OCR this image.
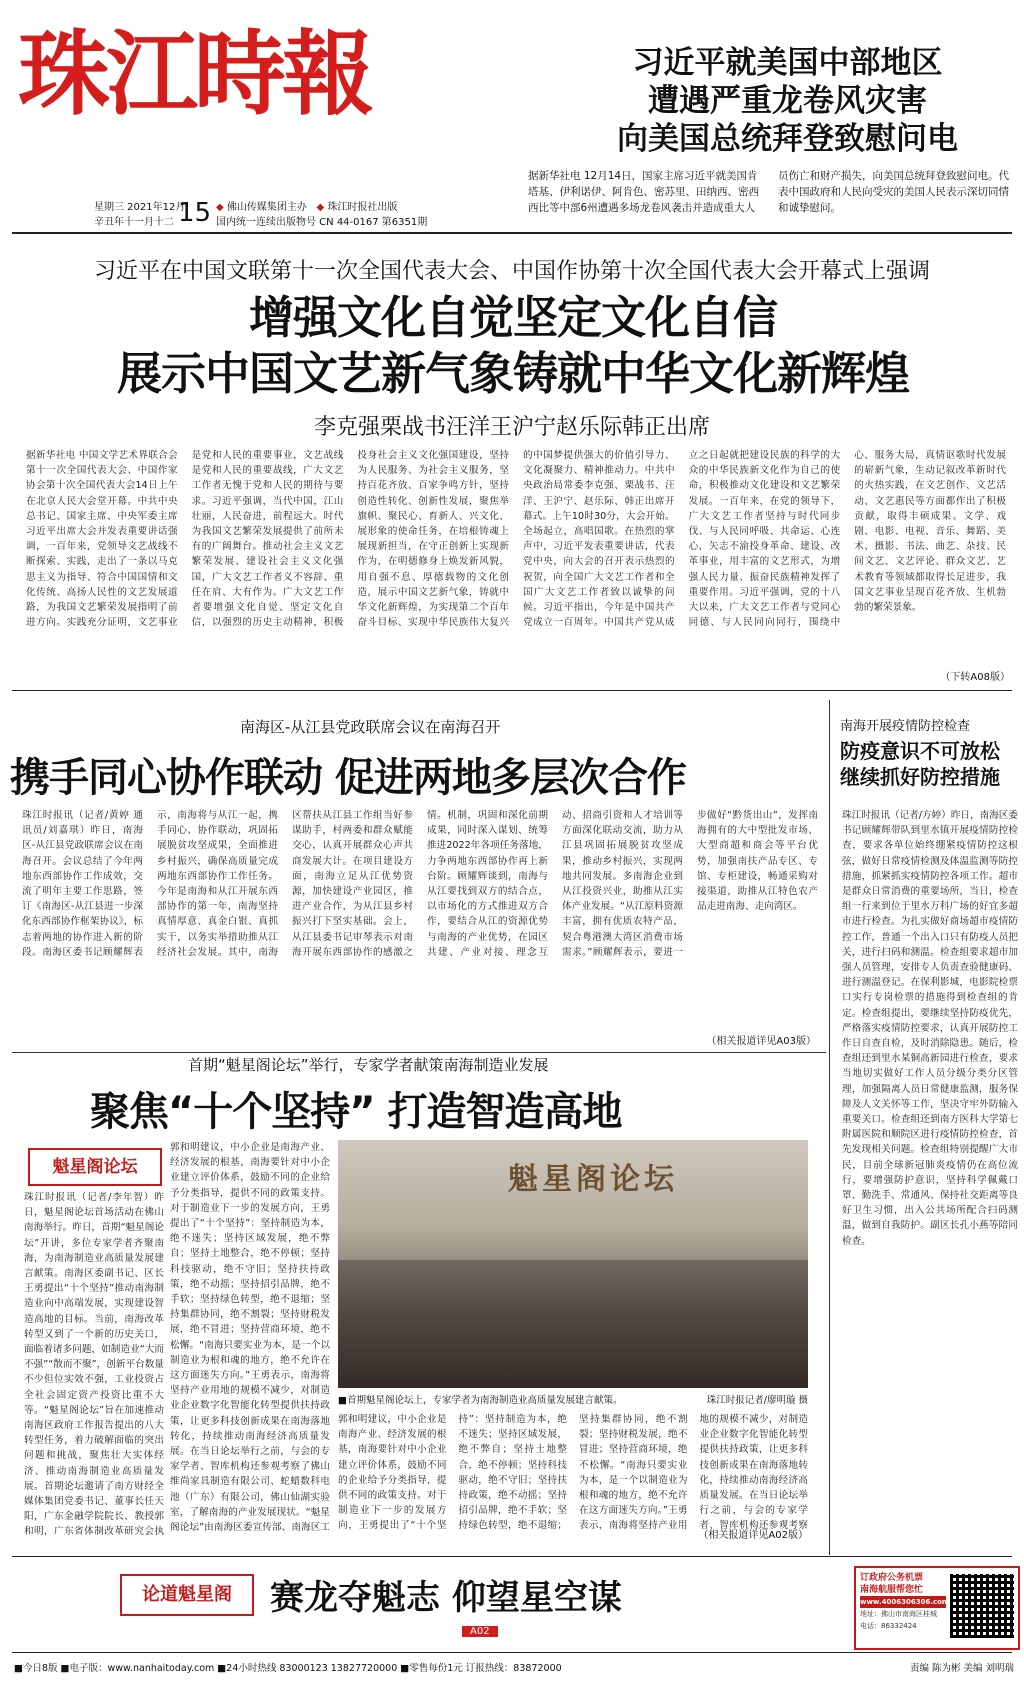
珠江時報
星期三 2021年12月
辛丑年十一月十二 15 ◆ 佛山传媒集团主办 ◆ 珠江时报社出版
国内统一连续出版物号 CN 44-0167 第6351期
习近平就美国中部地区
遭遇严重龙卷风灾害
向美国总统拜登致慰问电
据新华社电 12月14日，国家主席习近平就美国肯塔基、伊利诺伊、阿肯色、密苏里、田纳西、密西西比等中部6州遭遇多场龙卷风袭击并造成重大人员伤亡和财产损失，向美国总统拜登致慰问电。代表中国政府和人民向受灾的美国人民表示深切同情和诚挚慰问。
习近平在中国文联第十一次全国代表大会、中国作协第十次全国代表大会开幕式上强调
增强文化自觉坚定文化自信
展示中国文艺新气象铸就中华文化新辉煌
李克强栗战书汪洋王沪宁赵乐际韩正出席
据新华社电 中国文学艺术界联合会第十一次全国代表大会、中国作家协会第十次全国代表大会14日上午在北京人民大会堂开幕。中共中央总书记、国家主席、中央军委主席习近平出席大会并发表重要讲话强调，一百年来，党领导文艺战线不断探索、实践，走出了一条以马克思主义为指导、符合中国国情和文化传统、高扬人民性的文艺发展道路，为我国文艺繁荣发展指明了前进方向。实践充分证明，文艺事业是党和人民的重要事业，文艺战线是党和人民的重要战线，广大文艺工作者无愧于党和人民的期待与要求。习近平强调，当代中国，江山壮丽，人民奋进，前程远大。时代为我国文艺繁荣发展提供了前所未有的广阔舞台。推动社会主义文艺繁荣发展、建设社会主义文化强国，广大文艺工作者义不容辞、重任在肩、大有作为。广大文艺工作者要增强文化自觉、坚定文化自信，以强烈的历史主动精神，积极投身社会主义文化强国建设，坚持为人民服务、为社会主义服务，坚持百花齐放、百家争鸣方针，坚持创造性转化、创新性发展，聚焦举旗帜、聚民心、育新人、兴文化、展形象的使命任务，在培根铸魂上展现新担当，在守正创新上实现新作为，在明德修身上焕发新风貌，用自强不息、厚德载物的文化创造，展示中国文艺新气象，铸就中华文化新辉煌，为实现第二个百年奋斗目标、实现中华民族伟大复兴的中国梦提供强大的价值引导力、文化凝聚力、精神推动力。中共中央政治局常委李克强、栗战书、汪洋、王沪宁、赵乐际、韩正出席开幕式。上午10时30分，大会开始。全场起立，高唱国歌。在热烈的掌声中，习近平发表重要讲话，代表党中央，向大会的召开表示热烈的祝贺，向全国广大文艺工作者和全国广大文艺工作者致以诚挚的问候。习近平指出，今年是中国共产党成立一百周年。中国共产党从成立之日起就把建设民族的科学的大众的中华民族新文化作为自己的使命，积极推动文化建设和文艺繁荣发展。一百年来，在党的领导下，广大文艺工作者坚持与时代同步伐、与人民同呼吸、共命运、心连心，矢志不渝投身革命、建设、改革事业，用丰富的文艺形式，为增强人民力量、振奋民族精神发挥了重要作用。习近平强调，党的十八大以来，广大文艺工作者与党同心同德、与人民同向同行，围绕中心、服务大局，真情讴歌时代发展的崭新气象，生动记叙改革新时代的火热实践，在文艺创作、文艺活动、文艺惠民等方面都作出了积极贡献，取得丰硕成果。文学、戏剧、电影、电视、音乐、舞蹈、美术、摄影、书法、曲艺、杂技、民间文艺、文艺评论、群众文艺、艺术教育等领域都取得长足进步，我国文艺事业呈现百花齐放、生机勃勃的繁荣景象。
（下转A08版）
南海区-从江县党政联席会议在南海召开
携手同心协作联动 促进两地多层次合作
珠江时报讯（记者/黄婷 通讯员/刘嘉琪）昨日，南海区-从江县党政联席会议在南海召开。会议总结了今年两地东西部协作工作成效，交流了明年主要工作思路，签订《南海区-从江县进一步深化东西部协作框架协议》，标志着两地的协作进入新的阶段。南海区委书记顾耀辉表示，南海将与从江一起，携手同心、协作联动，巩固拓展脱贫攻坚成果，全面推进乡村振兴，确保高质量完成两地东西部协作工作任务。今年是南海和从江开展东西部协作的第一年，南海坚持真情厚意、真金白银、真抓实干，以务实举措助推从江经济社会发展。其中，南海区帮扶从江县工作组当好参谋助手，村两委和群众赋能交心，认真开展群众心声共商发展大计。在项目建设方面，南海立足从江优势资源，加快建设产业园区，推进产业合作，为从江县乡村振兴打下坚实基础。会上，从江县委书记审琴表示对南海开展东西部协作的感激之情。机制，巩固和深化前期成果，同时深入谋划、统筹推进2022年各项任务落地，力争两地东西部协作再上新台阶。顾耀辉谈到，南海与从江要找到双方的结合点，以市场化的方式推进双方合作，要结合从江的资源优势与南海的产业优势，在园区共建、产业对接、理念互动、招商引资和人才培训等方面深化联动交流，助力从江县巩固拓展脱贫攻坚成果，推动乡村振兴，实现两地共同发展。多南海企业到从江投资兴业，助推从江实体产业发展。“从江原料资源丰富，拥有优质农特产品，契合粤港澳大湾区消费市场需求。”顾耀辉表示，要进一步做好“黔货出山”，发挥南海拥有的大中型批发市场、大型商超和商会等平台优势，加强南扶产品专区、专馆、专柜建设，畅通采购对接渠道，助推从江特色农产品走进南海、走向湾区。
（相关报道详见A03版）
南海开展疫情防控检查
防疫意识不可放松
继续抓好防控措施
珠江时报讯（记者/方婷）昨日，南海区委书记顾耀辉带队到里水镇开展疫情防控检查，要求各单位始终绷紧疫情防控这根弦，做好日常疫情检测及体温监测等防控措施，抓紧抓实疫情防控各项工作。超市是群众日常消费的重要场所，当日，检查组一行来到位于里水万科广场的好宜多超市进行检查。为扎实做好商场超市疫情防控工作，普通一个出入口只有防疫人员把关，进行扫码和测温。检查组要求超市加强人员管理，安排专人负责查验健康码、进行测温登记。在保利影城，电影院检票口实行专岗检票的措施得到检查组的肯定。检查组提出，要继续坚持防疫优先，严格落实疫情防控要求，认真开展防控工作日自查自检，及时消除隐患。随后，检查组还到里水某铜高新园进行检查，要求当地切实做好工作人员分级分类分区管理，加强隔离人员日常健康监测，服务保障及人文关怀等工作，坚决守牢外防输入重要关口。检查组还到南方医科大学第七附属医院和顺院区进行疫情防控检查，首先发现相关问题。检查组特别提醒广大市民，目前全球新冠肺炎疫情仍在高位流行，要增强防护意识，坚持科学佩戴口罩、勤洗手、常通风、保持社交距离等良好卫生习惯，出入公共场所配合扫码测温，做到自我防护。副区长孔小燕等陪同检查。
首期“魁星阁论坛”举行，专家学者献策南海制造业发展
聚焦“十个坚持” 打造智造高地
魁星阁论坛
珠江时报讯（记者/李年智）昨日，魁星阁论坛首场活动在佛山南海举行。昨日，首期“魁星阁论坛”开讲，多位专家学者齐聚南海，为南海制造业高质量发展建言献策。南海区委副书记、区长王勇提出“十个坚持”推动南海制造业向中高端发展，实现建设智造高地的目标。当前，南海改革转型又到了一个新的历史关口，面临着诸多问题，如制造业“大而不强”“散而不聚”，创新平台数量不少但位实效不强，工业投资占全社会固定资产投资比重不大等。“魁星阁论坛”旨在加速推动南海区政府工作报告提出的八大转型任务，着力破解面临的突出问题和挑战，聚焦壮大实体经济、推动南海制造业高质量发展。首期论坛邀请了南方财经全媒体集团党委书记、董事长任天阳，广东金融学院院长、教授郭和明，广东省体制改革研究会执
郭和明建议，中小企业是南海产业、经济发展的根基，南海要针对中小企业建立评价体系，鼓励不同的企业给予分类指导，提供不同的政策支持。对于制造业下一步的发展方向，王勇提出了“十个坚持”：坚持制造为本，绝不迷失；坚持区域发展，绝不弊自；坚持土地整合，绝不停顿；坚持科技驱动，绝不守旧；坚持扶持政策，绝不动摇；坚持招引品牌，绝不手软；坚持绿色转型，绝不退缩；坚持集群协同，绝不割裂；坚持财税发展，绝不冒进；坚持营商环境，绝不松懈。“南海只要实业为本，是一个以制造业为根和魂的地方，绝不允许在这方面迷失方向。”王勇表示，南海将坚持产业用地的规模不减少，对制造业企业数字化智能化转型提供扶持政策，让更多科技创新成果在南海落地转化，持续推动南海经济高质量发展。在当日论坛举行之前，与会的专家学者、智库机构还参观考察了佛山维尚家具制造有限公司、蛇蜡数科电池（广东）有限公司，佛山仙湖实验室，了解南海的产业发展现状。“魁星阁论坛”由南海区委宣传部、南海区工
魁星阁论坛
■首期魁星阁论坛上，专家学者为南海制造业高质量发展建言献策。	珠江时报记者/廖明璇 摄
郭和明建议，中小企业是南海产业、经济发展的根基，南海要针对中小企业建立评价体系，鼓励不同的企业给予分类指导，提供不同的政策支持。对于制造业下一步的发展方向，王勇提出了“十个坚持”：坚持制造为本，绝不迷失；坚持区域发展，绝不弊自；坚持土地整合，绝不停顿；坚持科技驱动，绝不守旧；坚持扶持政策，绝不动摇；坚持招引品牌，绝不手软；坚持绿色转型，绝不退缩；坚持集群协同，绝不割裂；坚持财税发展，绝不冒进；坚持营商环境，绝不松懈。“南海只要实业为本，是一个以制造业为根和魂的地方，绝不允许在这方面迷失方向。”王勇表示，南海将坚持产业用地的规模不减少，对制造业企业数字化智能化转型提供扶持政策，让更多科技创新成果在南海落地转化，持续推动南海经济高质量发展。在当日论坛举行之前，与会的专家学者、智库机构还参观考察
（相关报道详见A02版）
论道魁星阁	赛龙夺魁志 仰望星空谋
A02
订政府公务机票
南海航服帮您忙
www.4006306306.com
地址：佛山市南海区桂城
电话：86332424
■今日8版 ■电子版：www.nanhaitoday.com ■24小时热线 83000123 13827720000 ■零售每份1元 订报热线：83872000	责编 陈为彬 美编 刘明瑞
